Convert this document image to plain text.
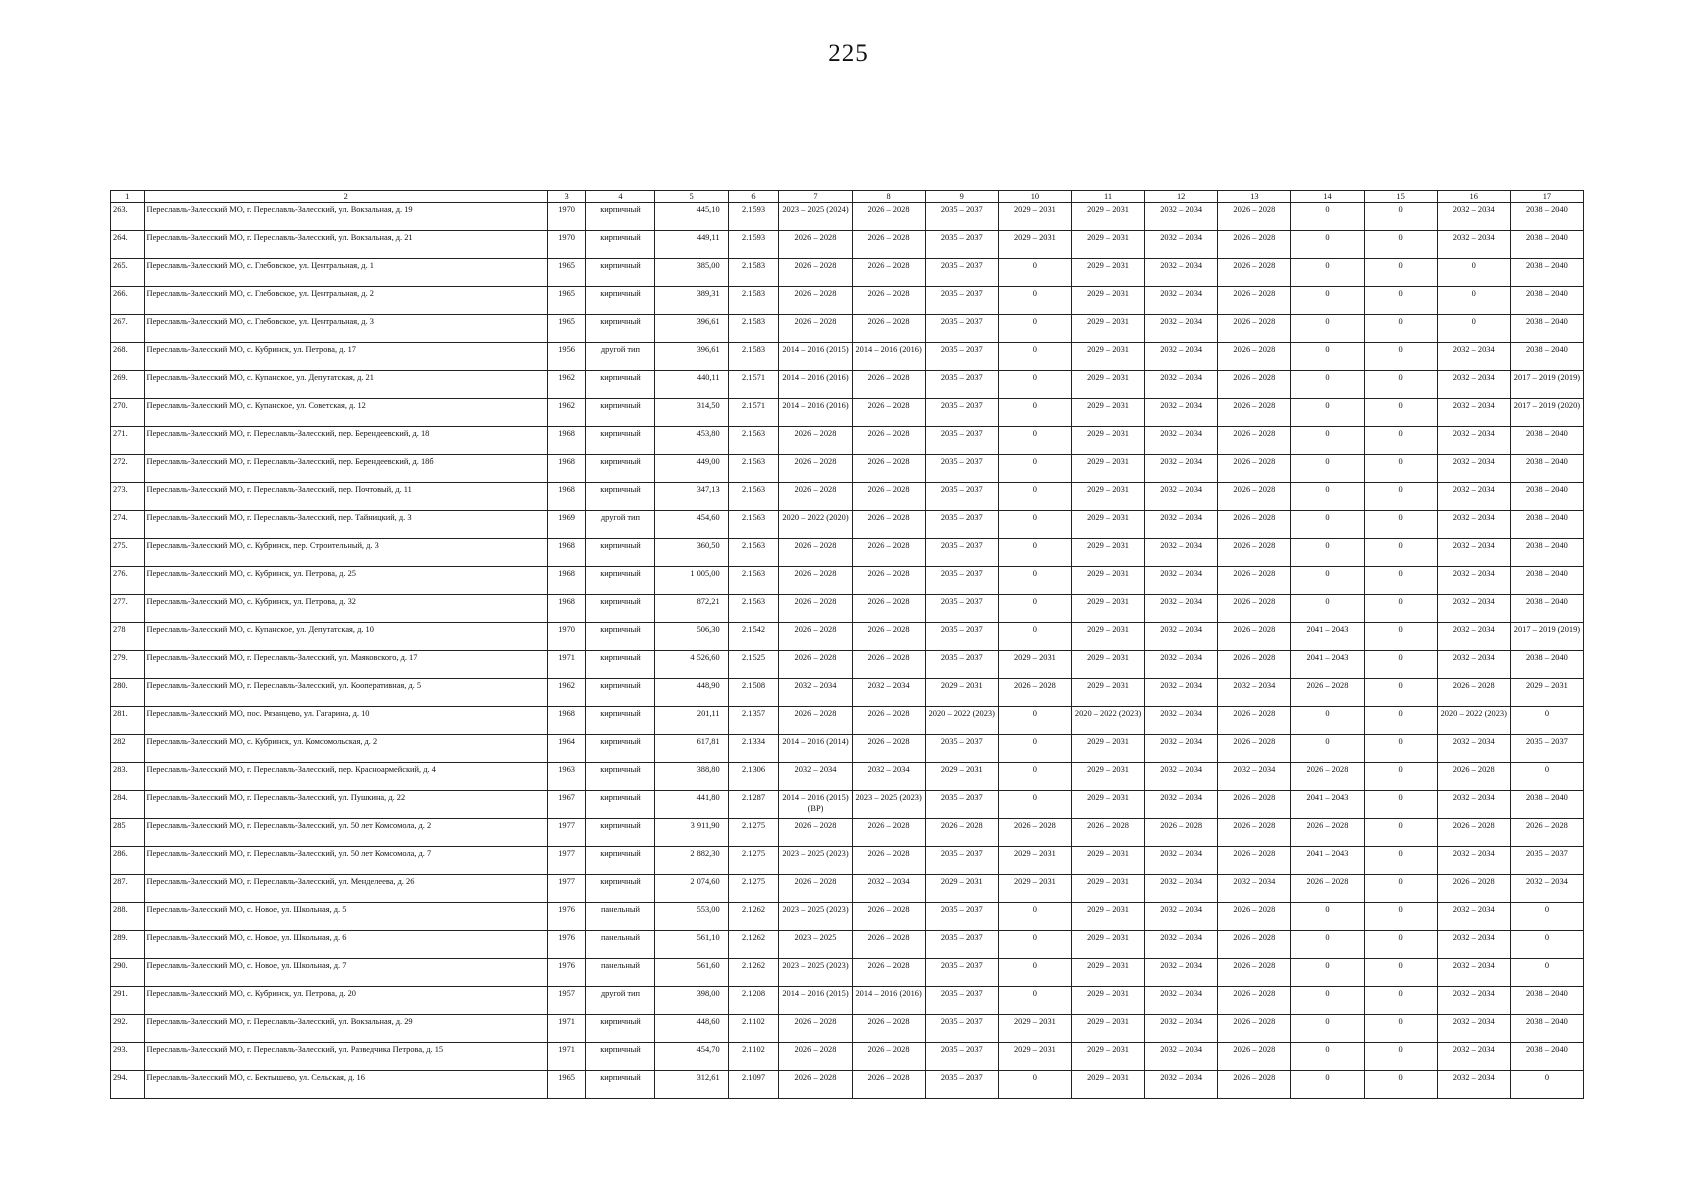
225
1	2	3	4	5	6	7	8	9	10	11	12	13	14	15	16	17
263.	Переславль-Залесский МО, г. Переславль-Залесский, ул. Вокзальная, д. 19	1970	кирпичный	445,10	2.1593	2023 – 2025 (2024)	2026 – 2028	2035 – 2037	2029 – 2031	2029 – 2031	2032 – 2034	2026 – 2028	0	0	2032 – 2034	2038 – 2040
264.	Переславль-Залесский МО, г. Переславль-Залесский, ул. Вокзальная, д. 21	1970	кирпичный	449,11	2.1593	2026 – 2028	2026 – 2028	2035 – 2037	2029 – 2031	2029 – 2031	2032 – 2034	2026 – 2028	0	0	2032 – 2034	2038 – 2040
265.	Переславль-Залесский МО, с. Глебовское, ул. Центральная, д. 1	1965	кирпичный	385,00	2.1583	2026 – 2028	2026 – 2028	2035 – 2037	0	2029 – 2031	2032 – 2034	2026 – 2028	0	0	0	2038 – 2040
266.	Переславль-Залесский МО, с. Глебовское, ул. Центральная, д. 2	1965	кирпичный	389,31	2.1583	2026 – 2028	2026 – 2028	2035 – 2037	0	2029 – 2031	2032 – 2034	2026 – 2028	0	0	0	2038 – 2040
267.	Переславль-Залесский МО, с. Глебовское, ул. Центральная, д. 3	1965	кирпичный	396,61	2.1583	2026 – 2028	2026 – 2028	2035 – 2037	0	2029 – 2031	2032 – 2034	2026 – 2028	0	0	0	2038 – 2040
268.	Переславль-Залесский МО, с. Кубринск, ул. Петрова, д. 17	1956	другой тип	396,61	2.1583	2014 – 2016 (2015)	2014 – 2016 (2016)	2035 – 2037	0	2029 – 2031	2032 – 2034	2026 – 2028	0	0	2032 – 2034	2038 – 2040
269.	Переславль-Залесский МО, с. Купанское, ул. Депутатская, д. 21	1962	кирпичный	440,11	2.1571	2014 – 2016 (2016)	2026 – 2028	2035 – 2037	0	2029 – 2031	2032 – 2034	2026 – 2028	0	0	2032 – 2034	2017 – 2019 (2019)
270.	Переславль-Залесский МО, с. Купанское, ул. Советская, д. 12	1962	кирпичный	314,50	2.1571	2014 – 2016 (2016)	2026 – 2028	2035 – 2037	0	2029 – 2031	2032 – 2034	2026 – 2028	0	0	2032 – 2034	2017 – 2019 (2020)
271.	Переславль-Залесский МО, г. Переславль-Залесский, пер. Берендеевский, д. 18	1968	кирпичный	453,80	2.1563	2026 – 2028	2026 – 2028	2035 – 2037	0	2029 – 2031	2032 – 2034	2026 – 2028	0	0	2032 – 2034	2038 – 2040
272.	Переславль-Залесский МО, г. Переславль-Залесский, пер. Берендеевский, д. 18б	1968	кирпичный	449,00	2.1563	2026 – 2028	2026 – 2028	2035 – 2037	0	2029 – 2031	2032 – 2034	2026 – 2028	0	0	2032 – 2034	2038 – 2040
273.	Переславль-Залесский МО, г. Переславль-Залесский, пер. Почтовый, д. 11	1968	кирпичный	347,13	2.1563	2026 – 2028	2026 – 2028	2035 – 2037	0	2029 – 2031	2032 – 2034	2026 – 2028	0	0	2032 – 2034	2038 – 2040
274.	Переславль-Залесский МО, г. Переславль-Залесский, пер. Тайницкий, д. 3	1969	другой тип	454,60	2.1563	2020 – 2022 (2020)	2026 – 2028	2035 – 2037	0	2029 – 2031	2032 – 2034	2026 – 2028	0	0	2032 – 2034	2038 – 2040
275.	Переславль-Залесский МО, с. Кубринск, пер. Строительный, д. 3	1968	кирпичный	360,50	2.1563	2026 – 2028	2026 – 2028	2035 – 2037	0	2029 – 2031	2032 – 2034	2026 – 2028	0	0	2032 – 2034	2038 – 2040
276.	Переславль-Залесский МО, с. Кубринск, ул. Петрова, д. 25	1968	кирпичный	1 005,00	2.1563	2026 – 2028	2026 – 2028	2035 – 2037	0	2029 – 2031	2032 – 2034	2026 – 2028	0	0	2032 – 2034	2038 – 2040
277.	Переславль-Залесский МО, с. Кубринск, ул. Петрова, д. 32	1968	кирпичный	872,21	2.1563	2026 – 2028	2026 – 2028	2035 – 2037	0	2029 – 2031	2032 – 2034	2026 – 2028	0	0	2032 – 2034	2038 – 2040
278	Переславль-Залесский МО, с. Купанское, ул. Депутатская, д. 10	1970	кирпичный	506,30	2.1542	2026 – 2028	2026 – 2028	2035 – 2037	0	2029 – 2031	2032 – 2034	2026 – 2028	2041 – 2043	0	2032 – 2034	2017 – 2019 (2019)
279.	Переславль-Залесский МО, г. Переславль-Залесский, ул. Маяковского, д. 17	1971	кирпичный	4 526,60	2.1525	2026 – 2028	2026 – 2028	2035 – 2037	2029 – 2031	2029 – 2031	2032 – 2034	2026 – 2028	2041 – 2043	0	2032 – 2034	2038 – 2040
280.	Переславль-Залесский МО, г. Переславль-Залесский, ул. Кооперативная, д. 5	1962	кирпичный	448,90	2.1508	2032 – 2034	2032 – 2034	2029 – 2031	2026 – 2028	2029 – 2031	2032 – 2034	2032 – 2034	2026 – 2028	0	2026 – 2028	2029 – 2031
281.	Переславль-Залесский МО, пос. Рязанцево, ул. Гагарина, д. 10	1968	кирпичный	201,11	2.1357	2026 – 2028	2026 – 2028	2020 – 2022 (2023)	0	2020 – 2022 (2023)	2032 – 2034	2026 – 2028	0	0	2020 – 2022 (2023)	0
282	Переславль-Залесский МО, с. Кубринск, ул. Комсомольская, д. 2	1964	кирпичный	617,81	2.1334	2014 – 2016 (2014)	2026 – 2028	2035 – 2037	0	2029 – 2031	2032 – 2034	2026 – 2028	0	0	2032 – 2034	2035 – 2037
283.	Переславль-Залесский МО, г. Переславль-Залесский, пер. Красноармейский, д. 4	1963	кирпичный	388,80	2.1306	2032 – 2034	2032 – 2034	2029 – 2031	0	2029 – 2031	2032 – 2034	2032 – 2034	2026 – 2028	0	2026 – 2028	0
284.	Переславль-Залесский МО, г. Переславль-Залесский, ул. Пушкина, д. 22	1967	кирпичный	441,80	2.1287	2014 – 2016 (2015) (ВР)	2023 – 2025 (2023)	2035 – 2037	0	2029 – 2031	2032 – 2034	2026 – 2028	2041 – 2043	0	2032 – 2034	2038 – 2040
285	Переславль-Залесский МО, г. Переславль-Залесский, ул. 50 лет Комсомола, д. 2	1977	кирпичный	3 911,90	2.1275	2026 – 2028	2026 – 2028	2026 – 2028	2026 – 2028	2026 – 2028	2026 – 2028	2026 – 2028	2026 – 2028	0	2026 – 2028	2026 – 2028
286.	Переславль-Залесский МО, г. Переславль-Залесский, ул. 50 лет Комсомола, д. 7	1977	кирпичный	2 882,30	2.1275	2023 – 2025 (2023)	2026 – 2028	2035 – 2037	2029 – 2031	2029 – 2031	2032 – 2034	2026 – 2028	2041 – 2043	0	2032 – 2034	2035 – 2037
287.	Переславль-Залесский МО, г. Переславль-Залесский, ул. Менделеева, д. 26	1977	кирпичный	2 074,60	2.1275	2026 – 2028	2032 – 2034	2029 – 2031	2029 – 2031	2029 – 2031	2032 – 2034	2032 – 2034	2026 – 2028	0	2026 – 2028	2032 – 2034
288.	Переславль-Залесский МО, с. Новое, ул. Школьная, д. 5	1976	панельный	553,00	2.1262	2023 – 2025 (2023)	2026 – 2028	2035 – 2037	0	2029 – 2031	2032 – 2034	2026 – 2028	0	0	2032 – 2034	0
289.	Переславль-Залесский МО, с. Новое, ул. Школьная, д. 6	1976	панельный	561,10	2.1262	2023 – 2025	2026 – 2028	2035 – 2037	0	2029 – 2031	2032 – 2034	2026 – 2028	0	0	2032 – 2034	0
290.	Переславль-Залесский МО, с. Новое, ул. Школьная, д. 7	1976	панельный	561,60	2.1262	2023 – 2025 (2023)	2026 – 2028	2035 – 2037	0	2029 – 2031	2032 – 2034	2026 – 2028	0	0	2032 – 2034	0
291.	Переславль-Залесский МО, с. Кубринск, ул. Петрова, д. 20	1957	другой тип	398,00	2.1208	2014 – 2016 (2015)	2014 – 2016 (2016)	2035 – 2037	0	2029 – 2031	2032 – 2034	2026 – 2028	0	0	2032 – 2034	2038 – 2040
292.	Переславль-Залесский МО, г. Переславль-Залесский, ул. Вокзальная, д. 29	1971	кирпичный	448,60	2.1102	2026 – 2028	2026 – 2028	2035 – 2037	2029 – 2031	2029 – 2031	2032 – 2034	2026 – 2028	0	0	2032 – 2034	2038 – 2040
293.	Переславль-Залесский МО, г. Переславль-Залесский, ул. Разведчика Петрова, д. 15	1971	кирпичный	454,70	2.1102	2026 – 2028	2026 – 2028	2035 – 2037	2029 – 2031	2029 – 2031	2032 – 2034	2026 – 2028	0	0	2032 – 2034	2038 – 2040
294.	Переславль-Залесский МО, с. Бектышево, ул. Сельская, д. 16	1965	кирпичный	312,61	2.1097	2026 – 2028	2026 – 2028	2035 – 2037	0	2029 – 2031	2032 – 2034	2026 – 2028	0	0	2032 – 2034	0
